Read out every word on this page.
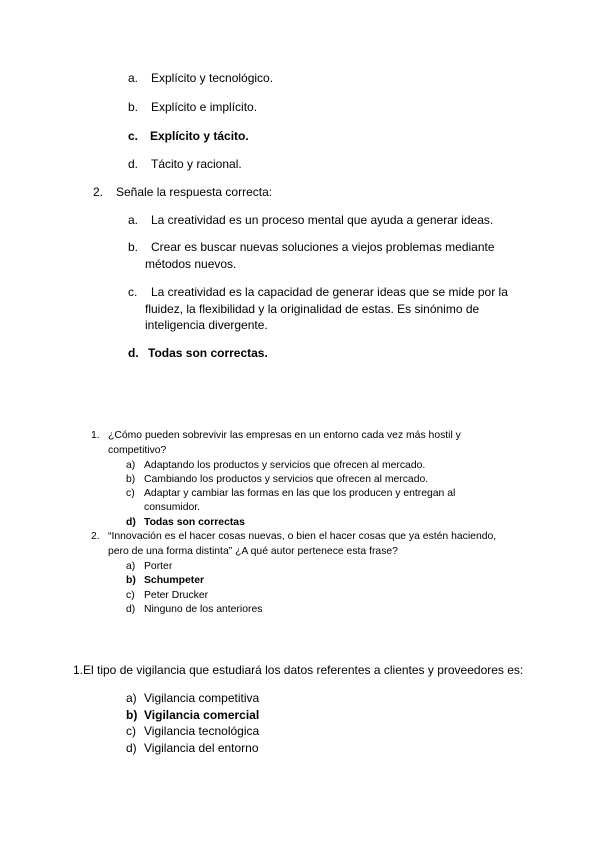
a. Explícito y tecnológico.
b. Explícito e implícito.
c. Explícito y tácito.
d. Tácito y racional.
2. Señale la respuesta correcta:
a. La creatividad es un proceso mental que ayuda a generar ideas.
b. Crear es buscar nuevas soluciones a viejos problemas mediante
métodos nuevos.
c. La creatividad es la capacidad de generar ideas que se mide por la
fluidez, la flexibilidad y la originalidad de estas. Es sinónimo de
inteligencia divergente.
d. Todas son correctas.
1. ¿Cómo pueden sobrevivir las empresas en un entorno cada vez más hostil y
competitivo?
a) Adaptando los productos y servicios que ofrecen al mercado.
b) Cambiando los productos y servicios que ofrecen al mercado.
c) Adaptar y cambiar las formas en las que los producen y entregan al
consumidor.
d) Todas son correctas
2. “Innovación es el hacer cosas nuevas, o bien el hacer cosas que ya estén haciendo,
pero de una forma distinta” ¿A qué autor pertenece esta frase?
a) Porter
b) Schumpeter
c) Peter Drucker
d) Ninguno de los anteriores
1.El tipo de vigilancia que estudiará los datos referentes a clientes y proveedores es:
a) Vigilancia competitiva
b) Vigilancia comercial
c) Vigilancia tecnológica
d) Vigilancia del entorno
